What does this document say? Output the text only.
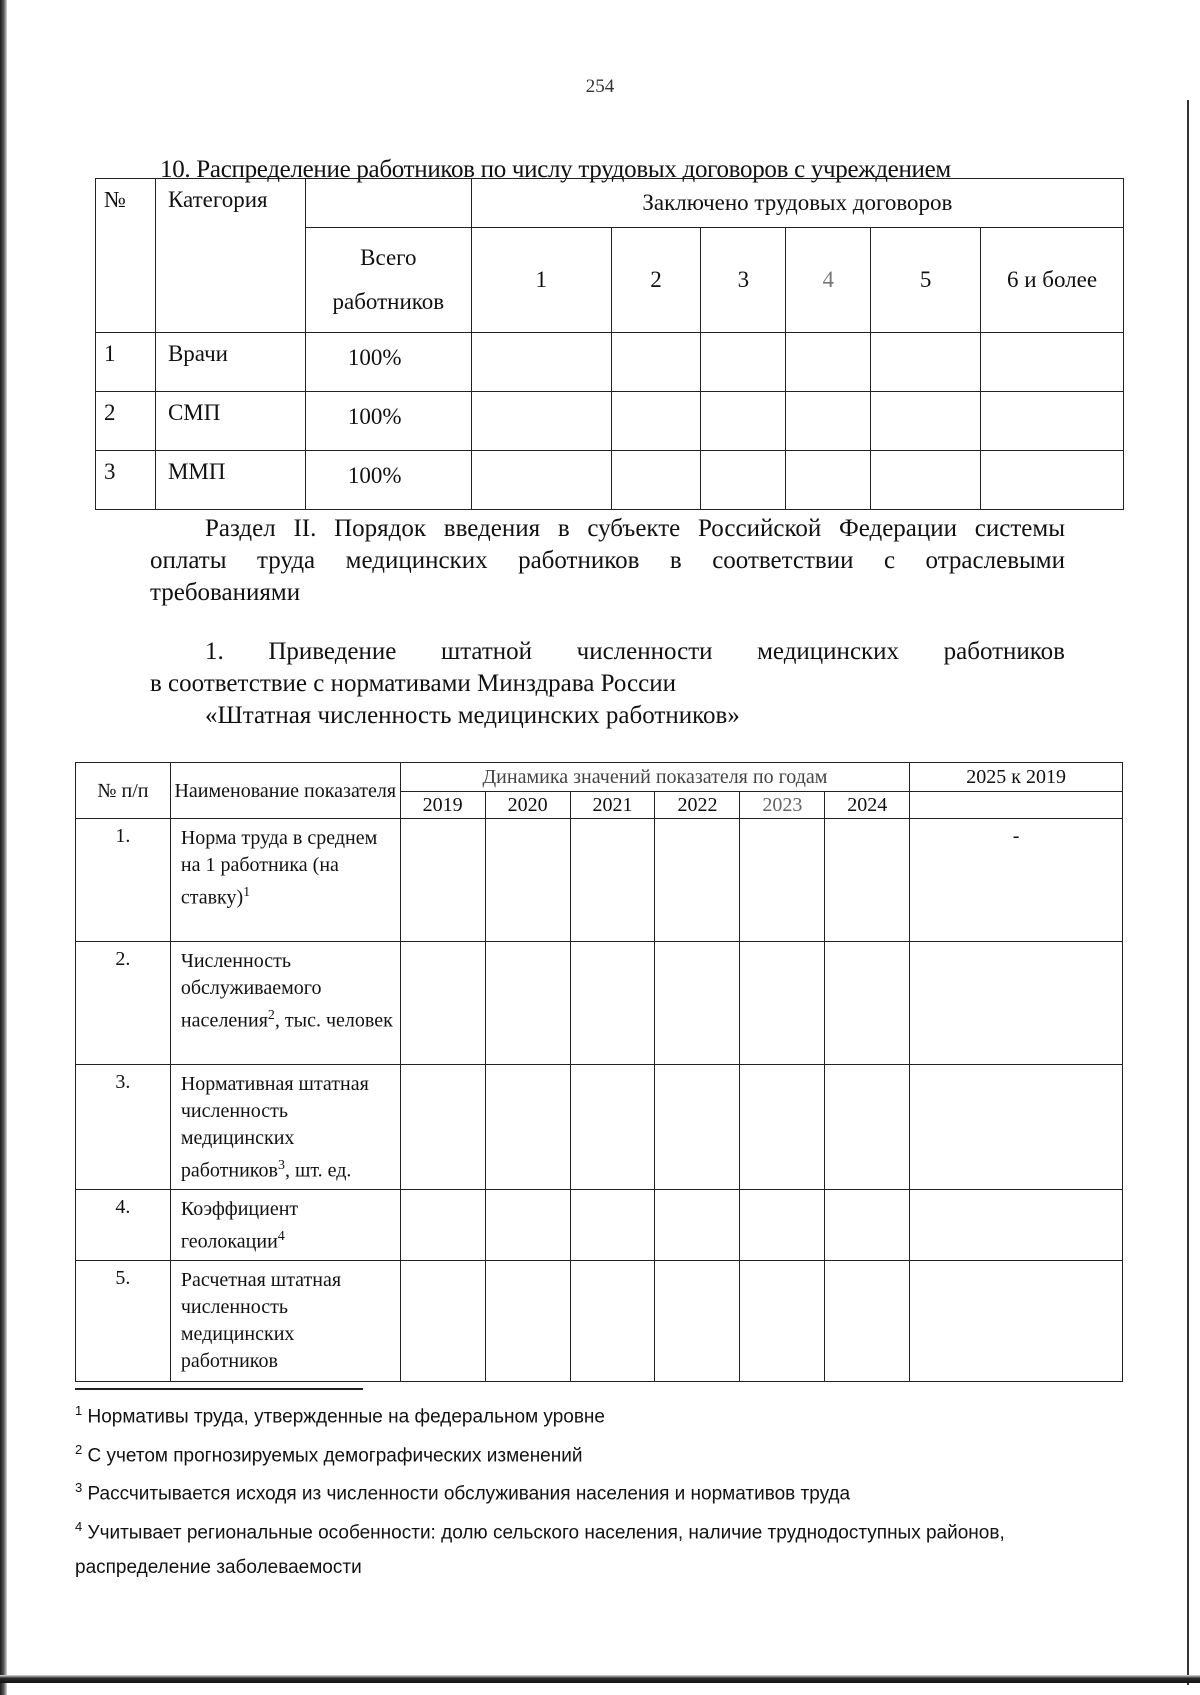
254
10. Распределение работников по числу трудовых договоров с учреждением
№	Категория		Заключено трудовых договоров					
		Всего работников	1	2	3	4	5	6 и более
1	Врачи	100%						
2	СМП	100%						
3	ММП	100%						
Раздел II. Порядок введения в субъекте Российской Федерации системы
оплаты труда медицинских работников в соответствии с отраслевыми
требованиями
1. Приведение штатной численности медицинских работников
в соответствие с нормативами Минздрава России
«Штатная численность медицинских работников»
№ п/п	Наименование показателя	Динамика значений показателя по годам						2025 к 2019
		2019	2020	2021	2022	2023	2024	
1.	Норма труда в среднем на 1 работника (на ставку)$^1$							-
2.	Численность обслуживаемого населения$^2$, тыс. человек							
3.	Нормативная штатная численность медицинских работников$^3$, шт. ед.							
4.	Коэффициент геолокации$^4$							
5.	Расчетная штатная численность медицинских работников							
$^1$ Нормативы труда, утвержденные на федеральном уровне
$^2$ С учетом прогнозируемых демографических изменений
$^3$ Рассчитывается исходя из численности обслуживания населения и нормативов труда
$^4$ Учитывает региональные особенности: долю сельского населения, наличие труднодоступных районов,
распределение заболеваемости
